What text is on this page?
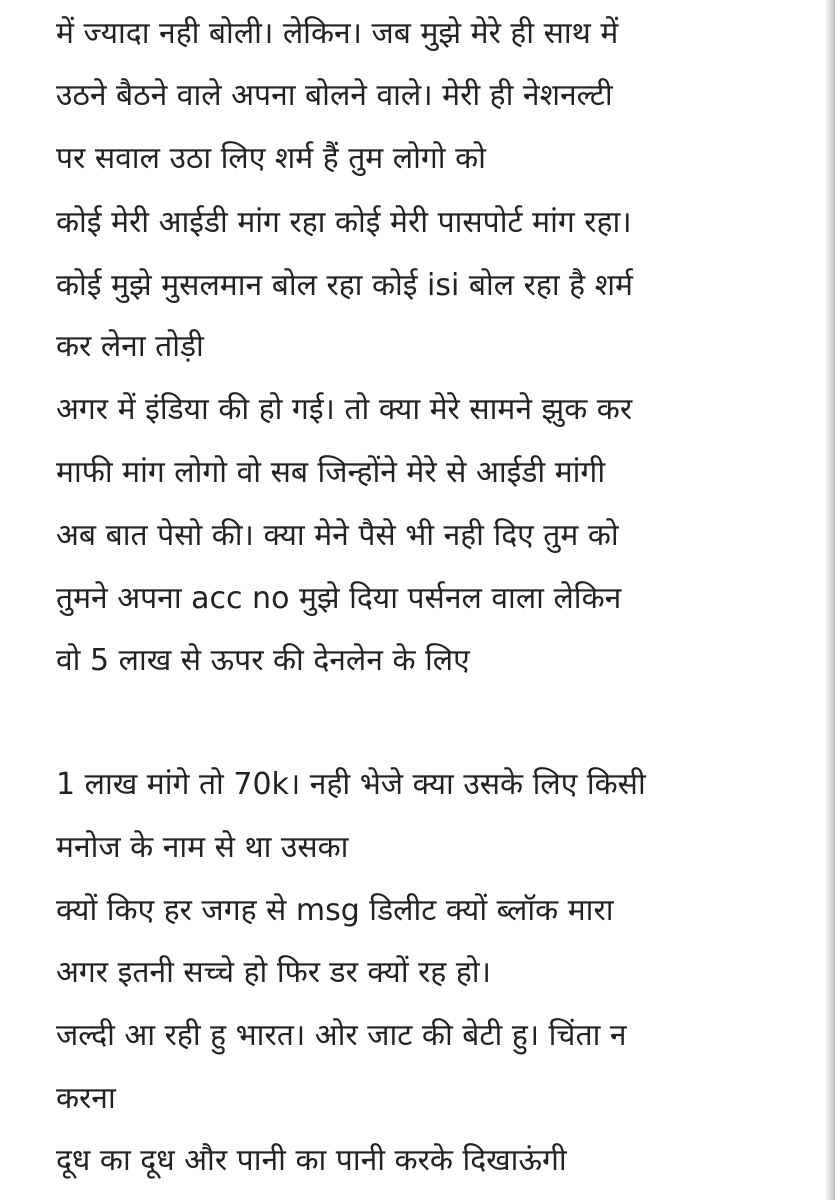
में ज्यादा नही बोली। लेकिन। जब मुझे मेरे ही साथ में

उठने बैठने वाले अपना बोलने वाले। मेरी ही नेशनल्टी

पर सवाल उठा लिए शर्म हैं तुम लोगो को

कोई मेरी आईडी मांग रहा कोई मेरी पासपोर्ट मांग रहा।

कोई मुझे मुसलमान बोल रहा कोई isi बोल रहा है शर्म

कर लेना तोड़ी

अगर में इंडिया की हो गई। तो क्या मेरे सामने झुक कर

माफी मांग लोगो वो सब जिन्होंने मेरे से आईडी मांगी

अब बात पेसो की। क्या मेने पैसे भी नही दिए तुम को

तुमने अपना acc no मुझे दिया पर्सनल वाला लेकिन

वो 5 लाख से ऊपर की देनलेन के लिए

1 लाख मांगे तो 70k। नही भेजे क्या उसके लिए किसी

मनोज के नाम से था उसका

क्यों किए हर जगह से msg डिलीट क्यों ब्लॉक मारा

अगर इतनी सच्चे हो फिर डर क्यों रह हो।

जल्दी आ रही हु भारत। ओर जाट की बेटी हु। चिंता न

करना

दूध का दूध और पानी का पानी करके दिखाऊंगी
